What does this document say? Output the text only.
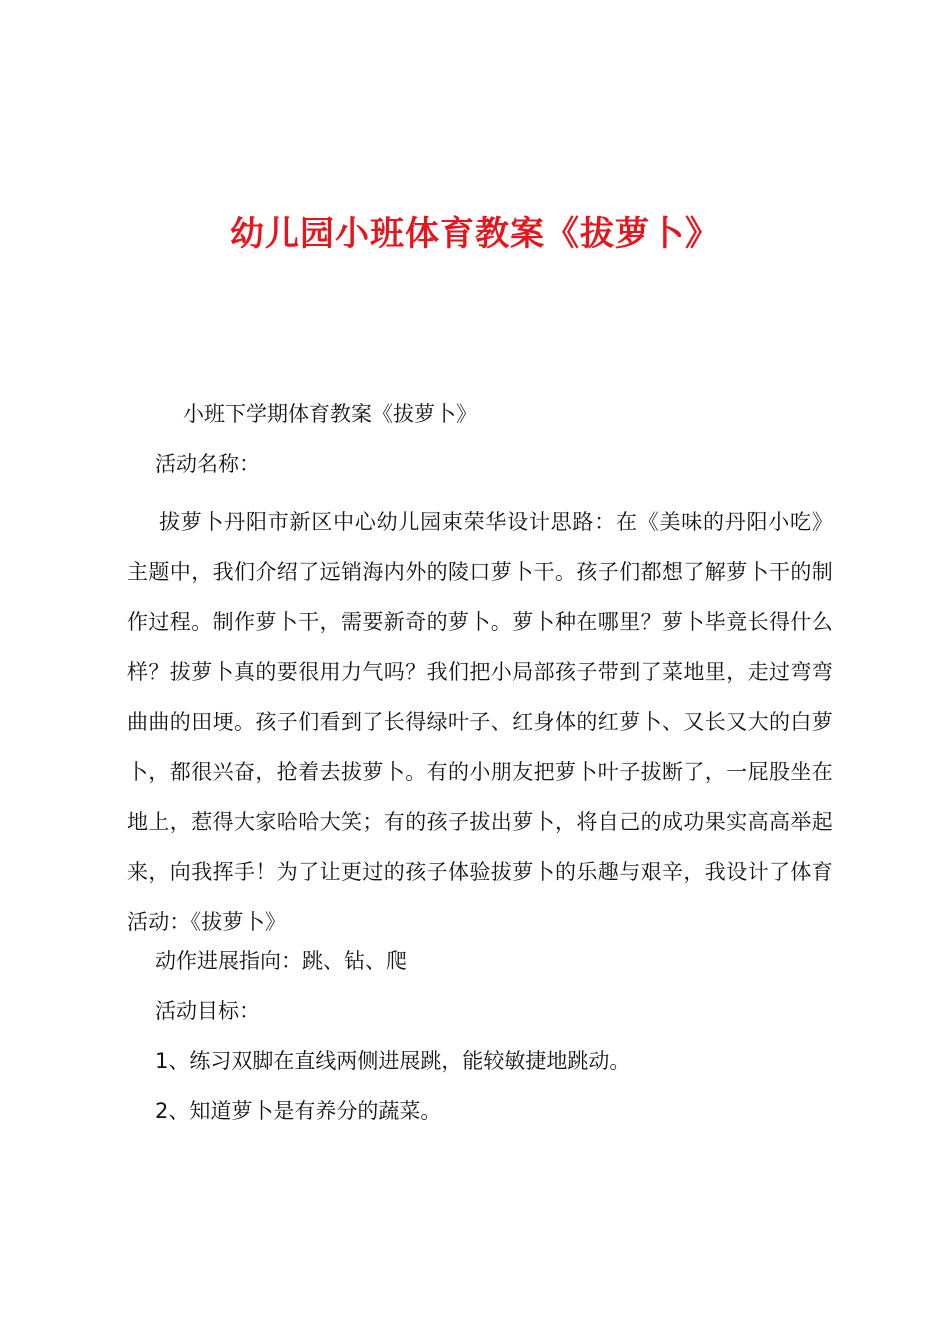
幼儿园小班体育教案《拔萝卜》
小班下学期体育教案《拔萝卜》
活动名称：
拔萝卜丹阳市新区中心幼儿园束荣华设计思路：在《美味的丹阳小吃》主题中，我们介绍了远销海内外的陵口萝卜干。孩子们都想了解萝卜干的制作过程。制作萝卜干，需要新奇的萝卜。萝卜种在哪里？萝卜毕竟长得什么样？拔萝卜真的要很用力气吗？我们把小局部孩子带到了菜地里，走过弯弯曲曲的田埂。孩子们看到了长得绿叶子、红身体的红萝卜、又长又大的白萝卜，都很兴奋，抢着去拔萝卜。有的小朋友把萝卜叶子拔断了，一屁股坐在地上，惹得大家哈哈大笑；有的孩子拔出萝卜，将自己的成功果实高高举起来，向我挥手！为了让更过的孩子体验拔萝卜的乐趣与艰辛，我设计了体育活动：《拔萝卜》
动作进展指向：跳、钻、爬
活动目标：
1、练习双脚在直线两侧进展跳，能较敏捷地跳动。
2、知道萝卜是有养分的蔬菜。
